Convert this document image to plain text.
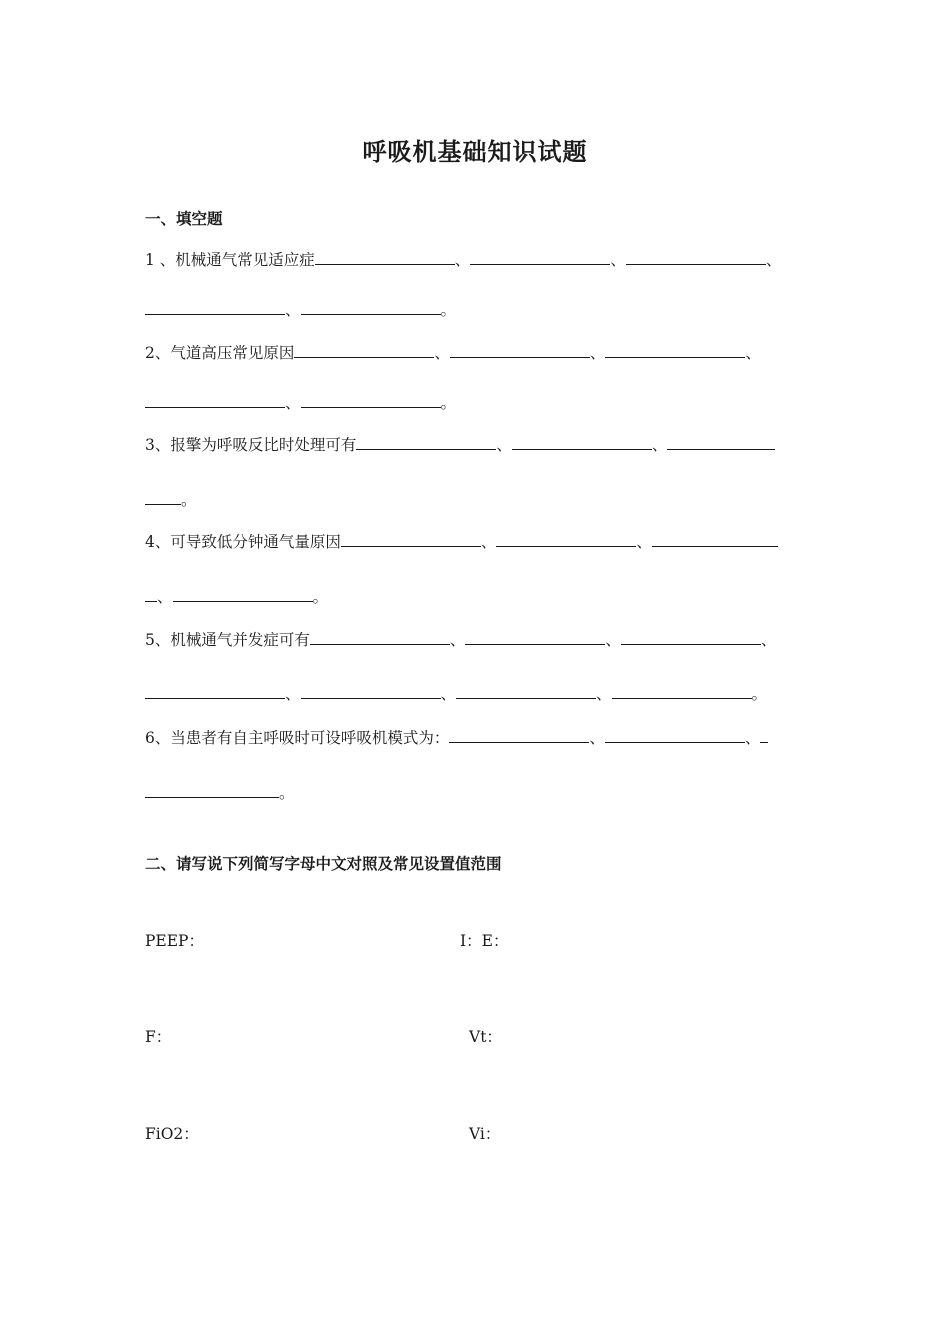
呼吸机基础知识试题
一、填空题
1 、机械通气常见适应症	、	、	、
、	。
2、气道高压常见原因	、	、	、
、	。
3、报擎为呼吸反比时处理可有	、	、
。
4、可导致低分钟通气量原因	、	、
、	。
5、机械通气并发症可有	、	、	、
、	、	、	。
6、当患者有自主呼吸时可设呼吸机模式为：	、	、
。
二、请写说下列简写字母中文对照及常见设置值范围
PEEP：	I：E：
F：	Vt：
FiO2：	Vi：
